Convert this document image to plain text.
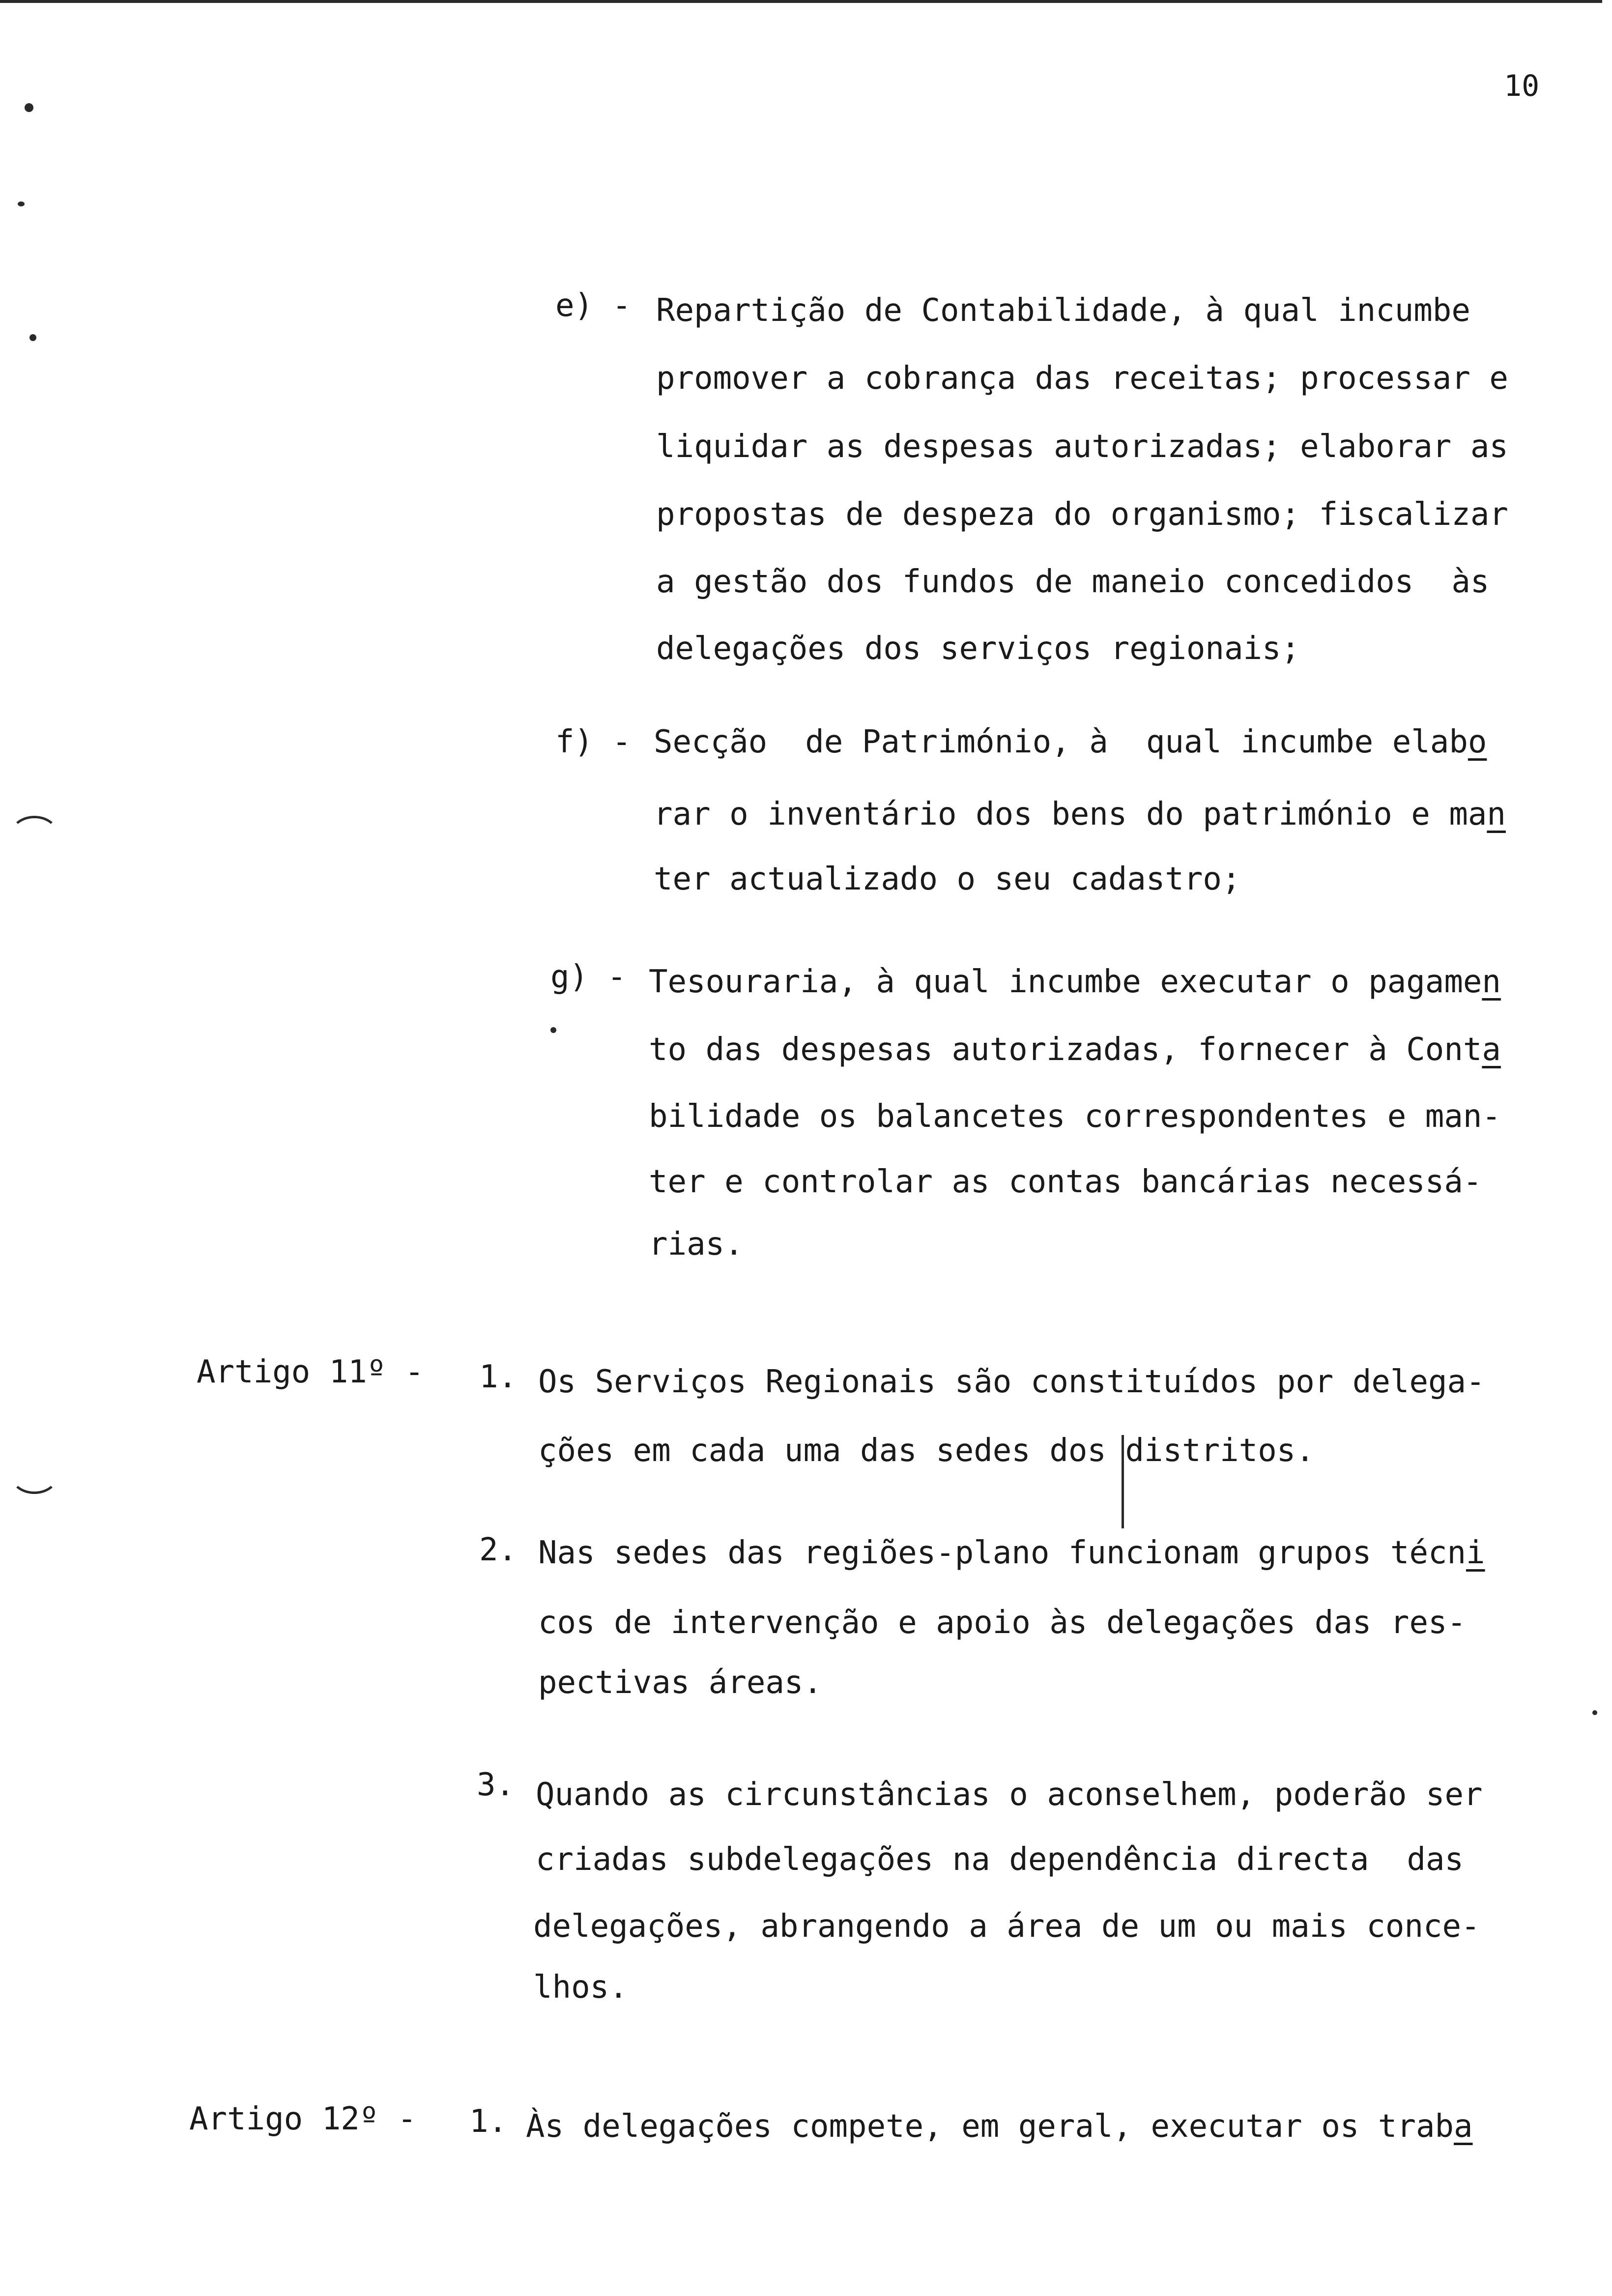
10
e) - Repartição de Contabilidade, à qual incumbe
promover a cobrança das receitas; processar e
liquidar as despesas autorizadas; elaborar as
propostas de despeza do organismo; fiscalizar
a gestão dos fundos de maneio concedidos  às
delegações dos serviços regionais;
f) - Secção  de Património, à  qual incumbe elabo
rar o inventário dos bens do património e man
ter actualizado o seu cadastro;
g) - Tesouraria, à qual incumbe executar o pagamen
to das despesas autorizadas, fornecer à Conta
bilidade os balancetes correspondentes e man-
ter e controlar as contas bancárias necessá-
rias.
Artigo 11º - 1. Os Serviços Regionais são constituídos por delega-
ções em cada uma das sedes dos distritos.
2. Nas sedes das regiões-plano funcionam grupos técni
cos de intervenção e apoio às delegações das res-
pectivas áreas.
3. Quando as circunstâncias o aconselhem, poderão ser
criadas subdelegações na dependência directa  das
delegações, abrangendo a área de um ou mais conce-
lhos.
Artigo 12º - 1. Às delegações compete, em geral, executar os traba
